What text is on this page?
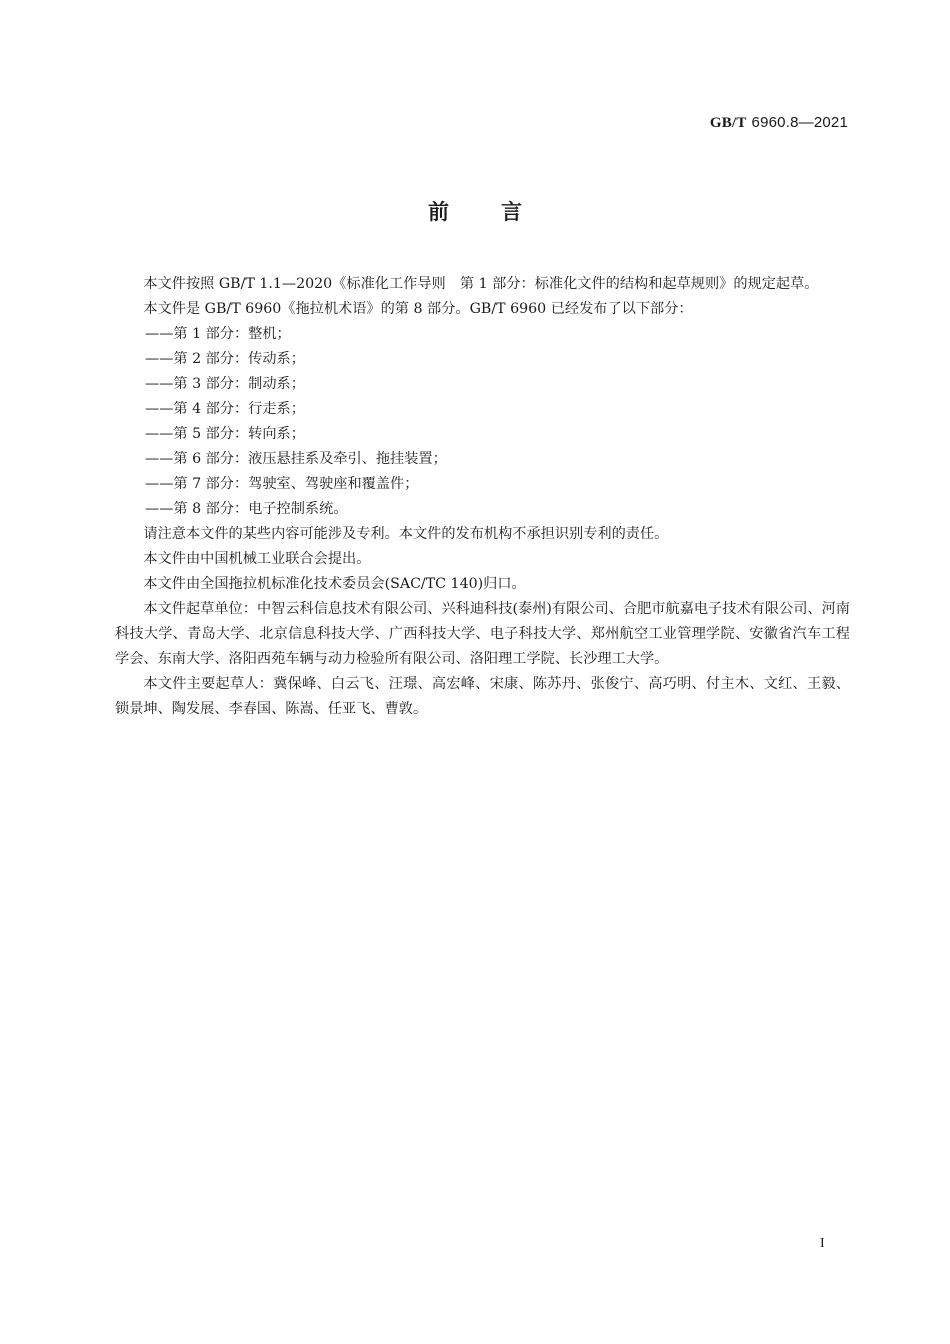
GB/T 6960.8—2021
前 言

本文件按照 GB/T 1.1—2020《标准化工作导则　第 1 部分：标准化文件的结构和起草规则》的规定起草。

本文件是 GB/T 6960《拖拉机术语》的第 8 部分。GB/T 6960 已经发布了以下部分：

——第 1 部分：整机；

——第 2 部分：传动系；

——第 3 部分：制动系；

——第 4 部分：行走系；

——第 5 部分：转向系；

——第 6 部分：液压悬挂系及牵引、拖挂装置；

——第 7 部分：驾驶室、驾驶座和覆盖件；

——第 8 部分：电子控制系统。

请注意本文件的某些内容可能涉及专利。本文件的发布机构不承担识别专利的责任。

本文件由中国机械工业联合会提出。

本文件由全国拖拉机标准化技术委员会(SAC/TC 140)归口。

本文件起草单位：中智云科信息技术有限公司、兴科迪科技(泰州)有限公司、合肥市航嘉电子技术有限公司、河南科技大学、青岛大学、北京信息科技大学、广西科技大学、电子科技大学、郑州航空工业管理学院、安徽省汽车工程学会、东南大学、洛阳西苑车辆与动力检验所有限公司、洛阳理工学院、长沙理工大学。

本文件主要起草人：冀保峰、白云飞、汪璟、高宏峰、宋康、陈苏丹、张俊宁、高巧明、付主木、文红、王毅、锁景坤、陶发展、李春国、陈嵩、任亚飞、曹敦。

I
